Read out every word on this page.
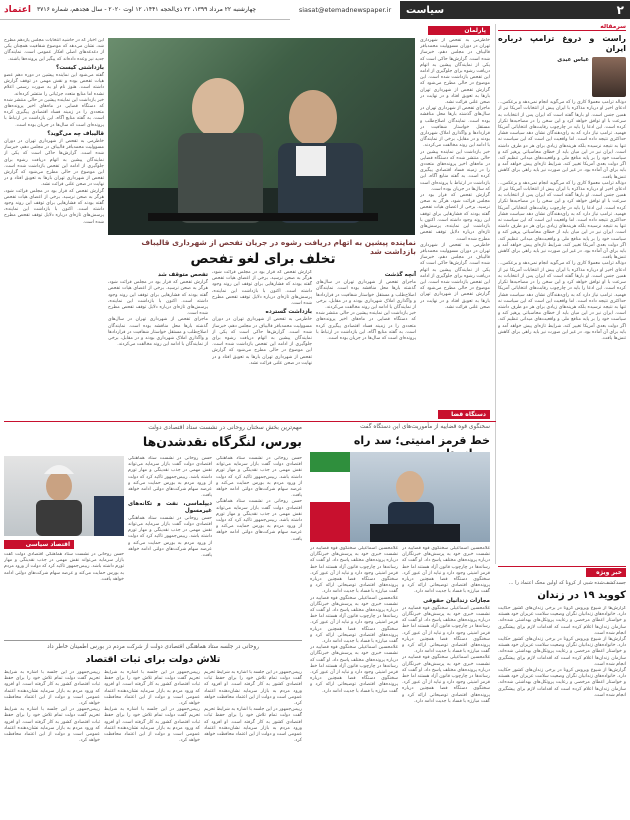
اعتماد چهارشنبه ۲۲ مرداد ۱۳۹۹، ۲۲ ذی‌الحجه ۱۴۴۱، ۱۲ اوت ۲۰۲۰ - سال هجدهم، شماره ۳۷۱۶	siasat@etemadnewspaper.ir	۲
سیاست
سرمقاله
راست و دروغ ترامپ درباره ایران
عباس عبدی
دونالد ترامپ معمولا کاری را که می‌گوید انجام نمی‌دهد و برعکس... ادعای اخیر او درباره مذاکره با ایران پیش از انتخابات آمریکا نیز از همین جنس است. او بارها گفته است که ایران پس از انتخابات به سرعت با او توافق خواهد کرد و این سخن را در مصاحبه‌ها تکرار کرده است. این ادعا را باید در چارچوب رقابت‌های انتخاباتی آمریکا فهمید. ترامپ نیاز دارد که به رای‌دهندگان نشان دهد سیاست فشار حداکثری نتیجه داده است. اما واقعیت این است که این سیاست نه تنها به نتیجه نرسیده بلکه هزینه‌های زیادی برای هر دو طرف داشته است. ایران نیز در این میان باید از خطای محاسباتی پرهیز کند و سیاست خود را بر پایه منافع ملی و واقعیت‌های میدانی تنظیم کند. اگر دولت بعدی آمریکا تغییر کند، شرایط تازه‌ای پیش خواهد آمد و باید برای آن آماده بود. در غیر این صورت نیز باید راهی برای کاهش تنش‌ها یافت.
دونالد ترامپ معمولا کاری را که می‌گوید انجام نمی‌دهد و برعکس... ادعای اخیر او درباره مذاکره با ایران پیش از انتخابات آمریکا نیز از همین جنس است. او بارها گفته است که ایران پس از انتخابات به سرعت با او توافق خواهد کرد و این سخن را در مصاحبه‌ها تکرار کرده است. این ادعا را باید در چارچوب رقابت‌های انتخاباتی آمریکا فهمید. ترامپ نیاز دارد که به رای‌دهندگان نشان دهد سیاست فشار حداکثری نتیجه داده است. اما واقعیت این است که این سیاست نه تنها به نتیجه نرسیده بلکه هزینه‌های زیادی برای هر دو طرف داشته است. ایران نیز در این میان باید از خطای محاسباتی پرهیز کند و سیاست خود را بر پایه منافع ملی و واقعیت‌های میدانی تنظیم کند. اگر دولت بعدی آمریکا تغییر کند، شرایط تازه‌ای پیش خواهد آمد و باید برای آن آماده بود. در غیر این صورت نیز باید راهی برای کاهش تنش‌ها یافت.
دونالد ترامپ معمولا کاری را که می‌گوید انجام نمی‌دهد و برعکس... ادعای اخیر او درباره مذاکره با ایران پیش از انتخابات آمریکا نیز از همین جنس است. او بارها گفته است که ایران پس از انتخابات به سرعت با او توافق خواهد کرد و این سخن را در مصاحبه‌ها تکرار کرده است. این ادعا را باید در چارچوب رقابت‌های انتخاباتی آمریکا فهمید. ترامپ نیاز دارد که به رای‌دهندگان نشان دهد سیاست فشار حداکثری نتیجه داده است. اما واقعیت این است که این سیاست نه تنها به نتیجه نرسیده بلکه هزینه‌های زیادی برای هر دو طرف داشته است. ایران نیز در این میان باید از خطای محاسباتی پرهیز کند و سیاست خود را بر پایه منافع ملی و واقعیت‌های میدانی تنظیم کند. اگر دولت بعدی آمریکا تغییر کند، شرایط تازه‌ای پیش خواهد آمد و باید برای آن آماده بود. در غیر این صورت نیز باید راهی برای کاهش تنش‌ها یافت.
پارلمان
خاطرمی به تفحص از شهرداری تهران در دوران مسوولیت محمدباقر قالیباف در مجلس دهم، خبرساز شده است. گزارش‌ها حاکی است که یکی از نمایندگان پیشین به اتهام دریافت رشوه برای جلوگیری از ادامه این تفحص بازداشت شده است. این موضوع در حالی مطرح می‌شود که گزارش تفحص از شهرداری تهران بارها به تعویق افتاد و در نهایت در صحن علنی قرائت نشد.
ماجرای تفحص از شهرداری تهران در سال‌های گذشته بارها محل مناقشه بوده است. نمایندگان اصلاح‌طلب و مستقل خواستار شفافیت در قراردادها و واگذاری املاک شهرداری بودند و در مقابل، برخی از نمایندگان با ادامه این روند مخالفت می‌کردند.
خبر بازداشت این نماینده پیشین در حالی منتشر شده که دستگاه قضایی در ماه‌های اخیر پرونده‌های متعددی را در زمینه فساد اقتصادی پیگیری کرده است. به گفته منابع آگاه، این بازداشت در ارتباط با پرونده‌ای است که سال‌ها در جریان بوده است.
گزارش تفحص که قرار بود در مجلس قرائت شود، هرگز به صحن نرسید. برخی از اعضای هیات تفحص گفته بودند که فشارهایی برای توقف این روند وجود داشته است. اکنون با بازداشت این نماینده، پرسش‌های تازه‌ای درباره دلایل توقف تفحص مطرح شده است.
خاطرمی به تفحص از شهرداری تهران در دوران مسوولیت محمدباقر قالیباف در مجلس دهم، خبرساز شده است. گزارش‌ها حاکی است که یکی از نمایندگان پیشین به اتهام دریافت رشوه برای جلوگیری از ادامه این تفحص بازداشت شده است. این موضوع در حالی مطرح می‌شود که گزارش تفحص از شهرداری تهران بارها به تعویق افتاد و در نهایت در صحن علنی قرائت نشد.
نماینده پیشین به اتهام دریافت رشوه در جریان تفحص از شهرداری قالیباف بازداشت شد
تخلف برای لغو تفحص
آنچه گذشت
ماجرای تفحص از شهرداری تهران در سال‌های گذشته بارها محل مناقشه بوده است. نمایندگان اصلاح‌طلب و مستقل خواستار شفافیت در قراردادها و واگذاری املاک شهرداری بودند و در مقابل، برخی از نمایندگان با ادامه این روند مخالفت می‌کردند.
خبر بازداشت این نماینده پیشین در حالی منتشر شده که دستگاه قضایی در ماه‌های اخیر پرونده‌های متعددی را در زمینه فساد اقتصادی پیگیری کرده است. به گفته منابع آگاه، این بازداشت در ارتباط با پرونده‌ای است که سال‌ها در جریان بوده است.
گزارش تفحص که قرار بود در مجلس قرائت شود، هرگز به صحن نرسید. برخی از اعضای هیات تفحص گفته بودند که فشارهایی برای توقف این روند وجود داشته است. اکنون با بازداشت این نماینده، پرسش‌های تازه‌ای درباره دلایل توقف تفحص مطرح شده است.
بازداشت گسترده
خاطرمی به تفحص از شهرداری تهران در دوران مسوولیت محمدباقر قالیباف در مجلس دهم، خبرساز شده است. گزارش‌ها حاکی است که یکی از نمایندگان پیشین به اتهام دریافت رشوه برای جلوگیری از ادامه این تفحص بازداشت شده است. این موضوع در حالی مطرح می‌شود که گزارش تفحص از شهرداری تهران بارها به تعویق افتاد و در نهایت در صحن علنی قرائت نشد.
تفحص متوقف شد
گزارش تفحص که قرار بود در مجلس قرائت شود، هرگز به صحن نرسید. برخی از اعضای هیات تفحص گفته بودند که فشارهایی برای توقف این روند وجود داشته است. اکنون با بازداشت این نماینده، پرسش‌های تازه‌ای درباره دلایل توقف تفحص مطرح شده است.
ماجرای تفحص از شهرداری تهران در سال‌های گذشته بارها محل مناقشه بوده است. نمایندگان اصلاح‌طلب و مستقل خواستار شفافیت در قراردادها و واگذاری املاک شهرداری بودند و در مقابل، برخی از نمایندگان با ادامه این روند مخالفت می‌کردند.
این اخبار که در حاشیه انتخابات مجلس یازدهم مطرح شد، نشان می‌دهد که موضوع شفافیت همچنان یکی از دغدغه‌های اصلی افکار عمومی است. نمایندگان جدید نیز وعده داده‌اند که پیگیر این پرونده‌ها باشند.
بازداشتی کیست؟
گفته می‌شود این نماینده پیشین در دوره دهم عضو هیات تفحص بوده و نقش مهمی در توقف گزارش داشته است. هنوز نام او به صورت رسمی اعلام نشده اما منابع متعدد جزئیاتی را منتشر کرده‌اند.
خبر بازداشت این نماینده پیشین در حالی منتشر شده که دستگاه قضایی در ماه‌های اخیر پرونده‌های متعددی را در زمینه فساد اقتصادی پیگیری کرده است. به گفته منابع آگاه، این بازداشت در ارتباط با پرونده‌ای است که سال‌ها در جریان بوده است.
قالیباف چه می‌گوید؟
خاطرمی به تفحص از شهرداری تهران در دوران مسوولیت محمدباقر قالیباف در مجلس دهم، خبرساز شده است. گزارش‌ها حاکی است که یکی از نمایندگان پیشین به اتهام دریافت رشوه برای جلوگیری از ادامه این تفحص بازداشت شده است. این موضوع در حالی مطرح می‌شود که گزارش تفحص از شهرداری تهران بارها به تعویق افتاد و در نهایت در صحن علنی قرائت نشد.
گزارش تفحص که قرار بود در مجلس قرائت شود، هرگز به صحن نرسید. برخی از اعضای هیات تفحص گفته بودند که فشارهایی برای توقف این روند وجود داشته است. اکنون با بازداشت این نماینده، پرسش‌های تازه‌ای درباره دلایل توقف تفحص مطرح شده است.
دستگاه قضا
سخنگوی قوه قضاییه از مأموریت‌های این دستگاه گفت
خط قرمز امنیتی؛ سد راه
غلامحسین اسماعیلی سخنگوی قوه قضاییه در نشست خبری خود به پرسش‌های خبرنگاران درباره پرونده‌های مختلف پاسخ داد. او گفت که رسانه‌ها در چارچوب قانون آزاد هستند اما خط قرمز امنیتی وجود دارد و نباید از آن عبور کرد. سخنگوی دستگاه قضا همچنین درباره پرونده‌های اقتصادی توضیحاتی ارائه کرد و گفت مبارزه با فساد با جدیت ادامه دارد.
مجازات زندانیان حقوقی
غلامحسین اسماعیلی سخنگوی قوه قضاییه در نشست خبری خود به پرسش‌های خبرنگاران درباره پرونده‌های مختلف پاسخ داد. او گفت که رسانه‌ها در چارچوب قانون آزاد هستند اما خط قرمز امنیتی وجود دارد و نباید از آن عبور کرد. سخنگوی دستگاه قضا همچنین درباره پرونده‌های اقتصادی توضیحاتی ارائه کرد و گفت مبارزه با فساد با جدیت ادامه دارد.
غلامحسین اسماعیلی سخنگوی قوه قضاییه در نشست خبری خود به پرسش‌های خبرنگاران درباره پرونده‌های مختلف پاسخ داد. او گفت که رسانه‌ها در چارچوب قانون آزاد هستند اما خط قرمز امنیتی وجود دارد و نباید از آن عبور کرد. سخنگوی دستگاه قضا همچنین درباره پرونده‌های اقتصادی توضیحاتی ارائه کرد و گفت مبارزه با فساد با جدیت ادامه دارد.
غلامحسین اسماعیلی سخنگوی قوه قضاییه در نشست خبری خود به پرسش‌های خبرنگاران درباره پرونده‌های مختلف پاسخ داد. او گفت که رسانه‌ها در چارچوب قانون آزاد هستند اما خط قرمز امنیتی وجود دارد و نباید از آن عبور کرد. سخنگوی دستگاه قضا همچنین درباره پرونده‌های اقتصادی توضیحاتی ارائه کرد و گفت مبارزه با فساد با جدیت ادامه دارد.
غلامحسین اسماعیلی سخنگوی قوه قضاییه در نشست خبری خود به پرسش‌های خبرنگاران درباره پرونده‌های مختلف پاسخ داد. او گفت که رسانه‌ها در چارچوب قانون آزاد هستند اما خط قرمز امنیتی وجود دارد و نباید از آن عبور کرد. سخنگوی دستگاه قضا همچنین درباره پرونده‌های اقتصادی توضیحاتی ارائه کرد و گفت مبارزه با فساد با جدیت ادامه دارد.
غلامحسین اسماعیلی سخنگوی قوه قضاییه در نشست خبری خود به پرسش‌های خبرنگاران درباره پرونده‌های مختلف پاسخ داد. او گفت که رسانه‌ها در چارچوب قانون آزاد هستند اما خط قرمز امنیتی وجود دارد و نباید از آن عبور کرد. سخنگوی دستگاه قضا همچنین درباره پرونده‌های اقتصادی توضیحاتی ارائه کرد و گفت مبارزه با فساد با جدیت ادامه دارد.
مهم‌ترین بخش سخنان روحانی در نشست ستاد اقتصادی دولت
بورس، لنگرگاه نقدشدن‌ها
اقتصاد سیاسی
حسن روحانی در نشست ستاد هماهنگی اقتصادی دولت گفت بازار سرمایه می‌تواند نقش مهمی در جذب نقدینگی و مهار تورم داشته باشد. رییس‌جمهور تاکید کرد که دولت از ورود مردم به بورس حمایت می‌کند و عرضه سهام شرکت‌های دولتی ادامه خواهد یافت.
دیپلماسی، نفت و تکانه‌های غیرمسول
حسن روحانی در نشست ستاد هماهنگی اقتصادی دولت گفت بازار سرمایه می‌تواند نقش مهمی در جذب نقدینگی و مهار تورم داشته باشد. رییس‌جمهور تاکید کرد که دولت از ورود مردم به بورس حمایت می‌کند و عرضه سهام شرکت‌های دولتی ادامه خواهد یافت.
حسن روحانی در نشست ستاد هماهنگی اقتصادی دولت گفت بازار سرمایه می‌تواند نقش مهمی در جذب نقدینگی و مهار تورم داشته باشد. رییس‌جمهور تاکید کرد که دولت از ورود مردم به بورس حمایت می‌کند و عرضه سهام شرکت‌های دولتی ادامه خواهد یافت.
حسن روحانی در نشست ستاد هماهنگی اقتصادی دولت گفت بازار سرمایه می‌تواند نقش مهمی در جذب نقدینگی و مهار تورم داشته باشد. رییس‌جمهور تاکید کرد که دولت از ورود مردم به بورس حمایت می‌کند و عرضه سهام شرکت‌های دولتی ادامه خواهد یافت.
حسن روحانی در نشست ستاد هماهنگی اقتصادی دولت گفت بازار سرمایه می‌تواند نقش مهمی در جذب نقدینگی و مهار تورم داشته باشد. رییس‌جمهور تاکید کرد که دولت از ورود مردم به بورس حمایت می‌کند و عرضه سهام شرکت‌های دولتی ادامه خواهد یافت.
روحانی در جلسه ستاد هماهنگی اقتصادی دولت از شرکت مردم در بورس اطمینان خاطر داد
تلاش دولت برای ثبات اقتصاد
رییس‌جمهور در این جلسه با اشاره به شرایط تحریم گفت دولت تمام تلاش خود را برای حفظ ثبات اقتصادی کشور به کار گرفته است. او افزود که ورود مردم به بازار سرمایه نشان‌دهنده اعتماد عمومی است و دولت از این اعتماد محافظت خواهد کرد.
رییس‌جمهور در این جلسه با اشاره به شرایط تحریم گفت دولت تمام تلاش خود را برای حفظ ثبات اقتصادی کشور به کار گرفته است. او افزود که ورود مردم به بازار سرمایه نشان‌دهنده اعتماد عمومی است و دولت از این اعتماد محافظت خواهد کرد.
رییس‌جمهور در این جلسه با اشاره به شرایط تحریم گفت دولت تمام تلاش خود را برای حفظ ثبات اقتصادی کشور به کار گرفته است. او افزود که ورود مردم به بازار سرمایه نشان‌دهنده اعتماد عمومی است و دولت از این اعتماد محافظت خواهد کرد.
رییس‌جمهور در این جلسه با اشاره به شرایط تحریم گفت دولت تمام تلاش خود را برای حفظ ثبات اقتصادی کشور به کار گرفته است. او افزود که ورود مردم به بازار سرمایه نشان‌دهنده اعتماد عمومی است و دولت از این اعتماد محافظت خواهد کرد.
رییس‌جمهور در این جلسه با اشاره به شرایط تحریم گفت دولت تمام تلاش خود را برای حفظ ثبات اقتصادی کشور به کار گرفته است. او افزود که ورود مردم به بازار سرمایه نشان‌دهنده اعتماد عمومی است و دولت از این اعتماد محافظت خواهد کرد.
رییس‌جمهور در این جلسه با اشاره به شرایط تحریم گفت دولت تمام تلاش خود را برای حفظ ثبات اقتصادی کشور به کار گرفته است. او افزود که ورود مردم به بازار سرمایه نشان‌دهنده اعتماد عمومی است و دولت از این اعتماد محافظت خواهد کرد.
خبر ویژه
جسدکشف‌شده شبی از کرونا که اولین محک اعتماد را ...
کووید ۱۹ در زندان
گزارش‌ها از شیوع ویروس کرونا در برخی زندان‌های کشور حکایت دارد. خانواده‌های زندانیان نگران وضعیت سلامت عزیزان خود هستند و خواستار اعطای مرخصی و رعایت پروتکل‌های بهداشتی شده‌اند. سازمان زندان‌ها اعلام کرده است که اقدامات لازم برای پیشگیری انجام شده است.
گزارش‌ها از شیوع ویروس کرونا در برخی زندان‌های کشور حکایت دارد. خانواده‌های زندانیان نگران وضعیت سلامت عزیزان خود هستند و خواستار اعطای مرخصی و رعایت پروتکل‌های بهداشتی شده‌اند. سازمان زندان‌ها اعلام کرده است که اقدامات لازم برای پیشگیری انجام شده است.
گزارش‌ها از شیوع ویروس کرونا در برخی زندان‌های کشور حکایت دارد. خانواده‌های زندانیان نگران وضعیت سلامت عزیزان خود هستند و خواستار اعطای مرخصی و رعایت پروتکل‌های بهداشتی شده‌اند. سازمان زندان‌ها اعلام کرده است که اقدامات لازم برای پیشگیری انجام شده است.
